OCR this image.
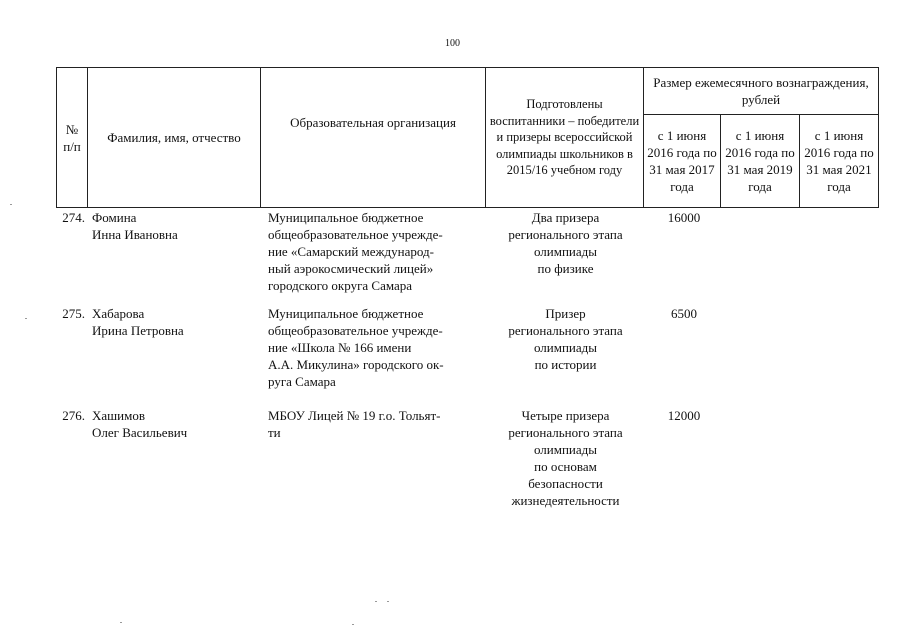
100
№ п/п
Фамилия, имя, отчество
Образовательная организация
Подготовлены воспитанники – победители и призеры всероссийской олимпиады школьников в 2015/16 учебном году
Размер ежемесячного вознаграждения, рублей
с 1 июня 2016 года по 31 мая 2017 года
с 1 июня 2016 года по 31 мая 2019 года
с 1 июня 2016 года по 31 мая 2021 года
274. Фомина
Инна Ивановна
Муниципальное бюджетное
общеобразовательное учрежде-
ние «Самарский международ-
ный аэрокосмический лицей»
городского округа Самара
Два призера
регионального этапа
олимпиады
по физике
16000
275. Хабарова
Ирина Петровна
Муниципальное бюджетное
общеобразовательное учрежде-
ние «Школа № 166 имени
А.А. Микулина» городского ок-
руга Самара
Призер
регионального этапа
олимпиады
по истории
6500
276. Хашимов
Олег Васильевич
МБОУ Лицей № 19 г.о. Тольят-
ти
Четыре призера
регионального этапа
олимпиады
по основам
безопасности
жизнедеятельности
12000
